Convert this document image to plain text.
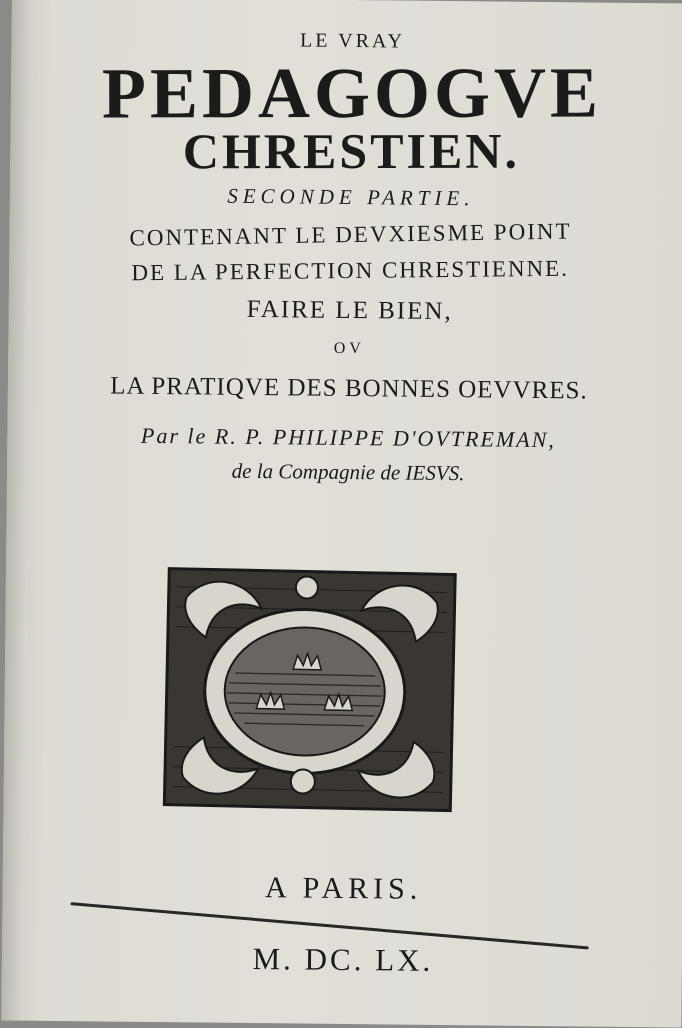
LE VRAY
PEDAGOGVE
CHRESTIEN.
SECONDE PARTIE.
CONTENANT LE DEVXIESME POINT
DE LA PERFECTION CHRESTIENNE.
FAIRE LE BIEN,
OV
LA PRATIQVE DES BONNES OEVVRES.
Par le R. P. PHILIPPE D'OVTREMAN,
de la Compagnie de IESVS.
A PARIS.
M. DC. LX.
